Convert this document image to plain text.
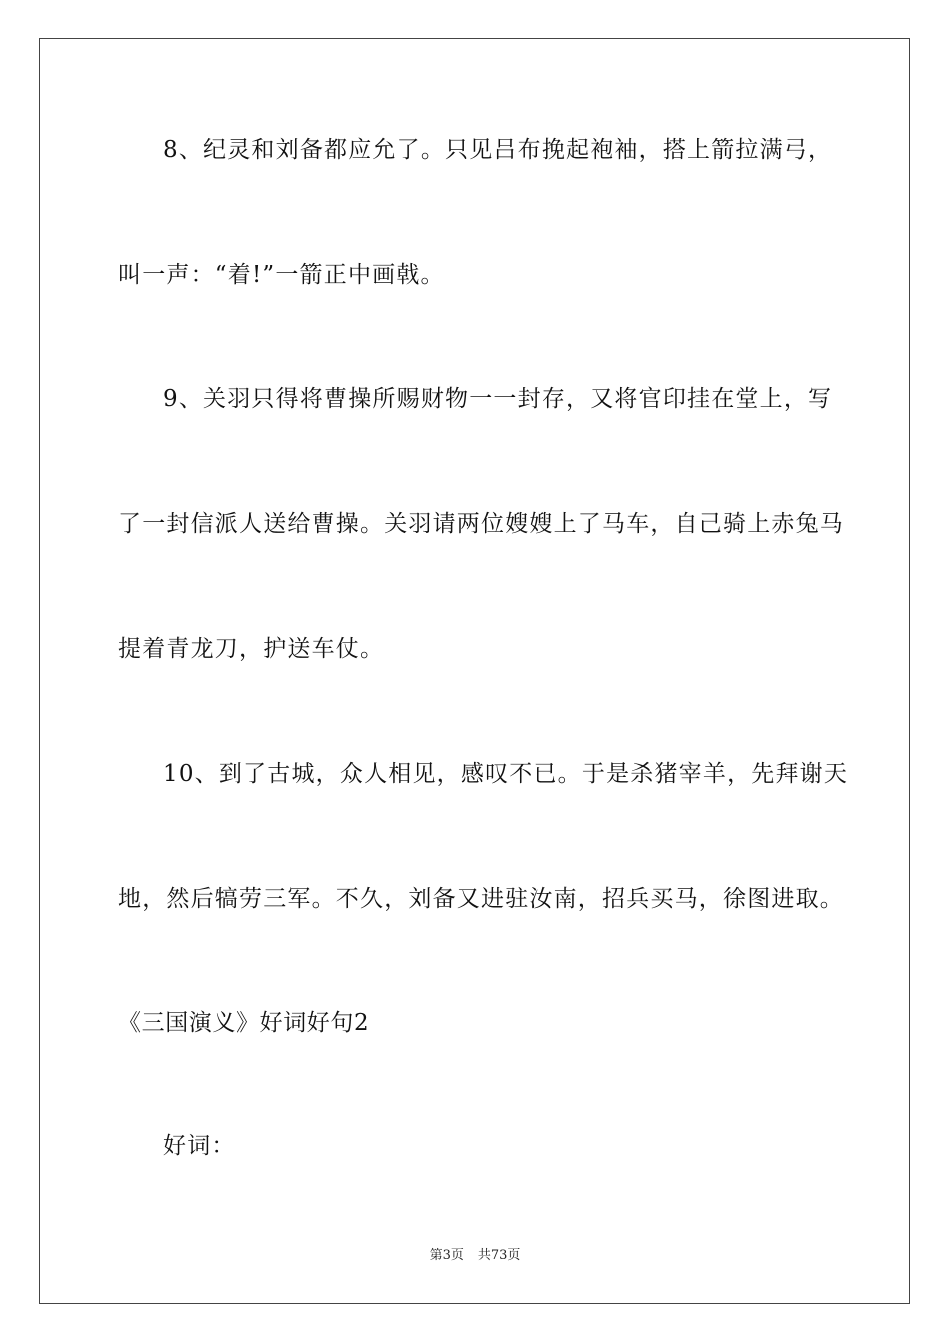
8、纪灵和刘备都应允了。只见吕布挽起袍袖，搭上箭拉满弓，
叫一声：“着!”一箭正中画戟。
9、关羽只得将曹操所赐财物一一封存，又将官印挂在堂上，写
了一封信派人送给曹操。关羽请两位嫂嫂上了马车，自己骑上赤兔马
提着青龙刀，护送车仗。
10、到了古城，众人相见，感叹不已。于是杀猪宰羊，先拜谢天
地，然后犒劳三军。不久，刘备又进驻汝南，招兵买马，徐图进取。
《三国演义》好词好句2
好词：
第3页 共73页
